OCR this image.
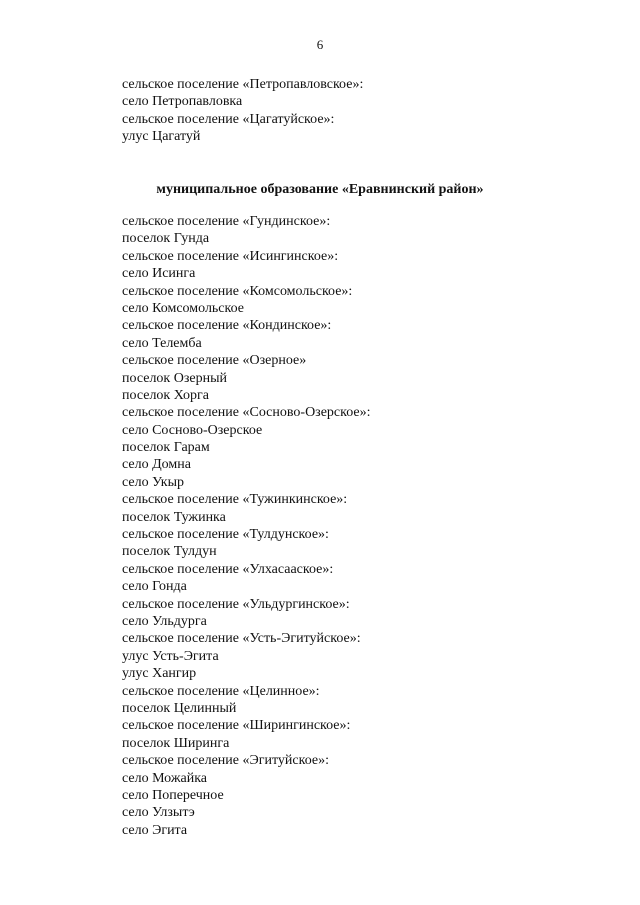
6
сельское поселение «Петропавловское»:
село Петропавловка
сельское поселение «Цагатуйское»:
улус Цагатуй
муниципальное образование «Еравнинский район»
сельское поселение «Гундинское»:
поселок Гунда
сельское поселение «Исингинское»:
село Исинга
сельское поселение «Комсомольское»:
село Комсомольское
сельское поселение «Кондинское»:
село Телемба
сельское поселение «Озерное»
поселок Озерный
поселок Хорга
сельское поселение «Сосново-Озерское»:
село Сосново-Озерское
поселок Гарам
село Домна
село Укыр
сельское поселение «Тужинкинское»:
поселок Тужинка
сельское поселение «Тулдунское»:
поселок Тулдун
сельское поселение «Улхасааское»:
село Гонда
сельское поселение «Ульдургинское»:
село Ульдурга
сельское поселение «Усть-Эгитуйское»:
улус Усть-Эгита
улус Хангир
сельское поселение «Целинное»:
поселок Целинный
сельское поселение «Ширингинское»:
поселок Ширинга
сельское поселение «Эгитуйское»:
село Можайка
село Поперечное
село Улзытэ
село Эгита
